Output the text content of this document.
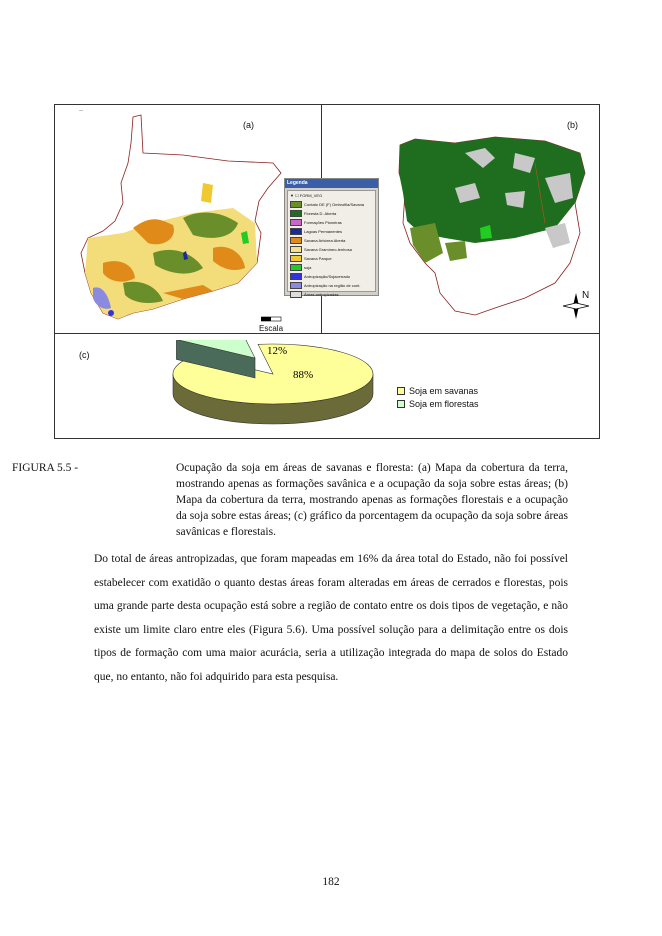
—
(a)
Legenda
▼ ☐ FORM_VEG
Contato DE (F) Ombrofila/Savana
Floresta D. Aberta
Formações Pioneiras
Lagoas Permanentes
Savana Arbórea Aberta
Savana Gramíneo-lenhosa
Savana Parque
soja
Antropização/Sojacerrado
Antropização na região de cont.
Áreas antropizadas
Escala
(b)
N
(c)
88%
12%
Soja em savanas
Soja em florestas

FIGURA 5.5 -	Ocupação da soja em áreas de savanas e floresta: (a) Mapa da cobertura da terra, mostrando apenas as formações savânica e a ocupação da soja sobre estas áreas; (b) Mapa da cobertura da terra, mostrando apenas as formações florestais e a ocupação da soja sobre estas áreas; (c) gráfico da porcentagem da ocupação da soja sobre áreas savânicas e florestais.

Do total de áreas antropizadas, que foram mapeadas em 16% da área total do Estado, não foi possível estabelecer com exatidão o quanto destas áreas foram alteradas em áreas de cerrados e florestas, pois uma grande parte desta ocupação está sobre a região de contato entre os dois tipos de vegetação, e não existe um limite claro entre eles (Figura 5.6). Uma possível solução para a delimitação entre os dois tipos de formação com uma maior acurácia, seria a utilização integrada do mapa de solos do Estado que, no entanto, não foi adquirido para esta pesquisa.
182
